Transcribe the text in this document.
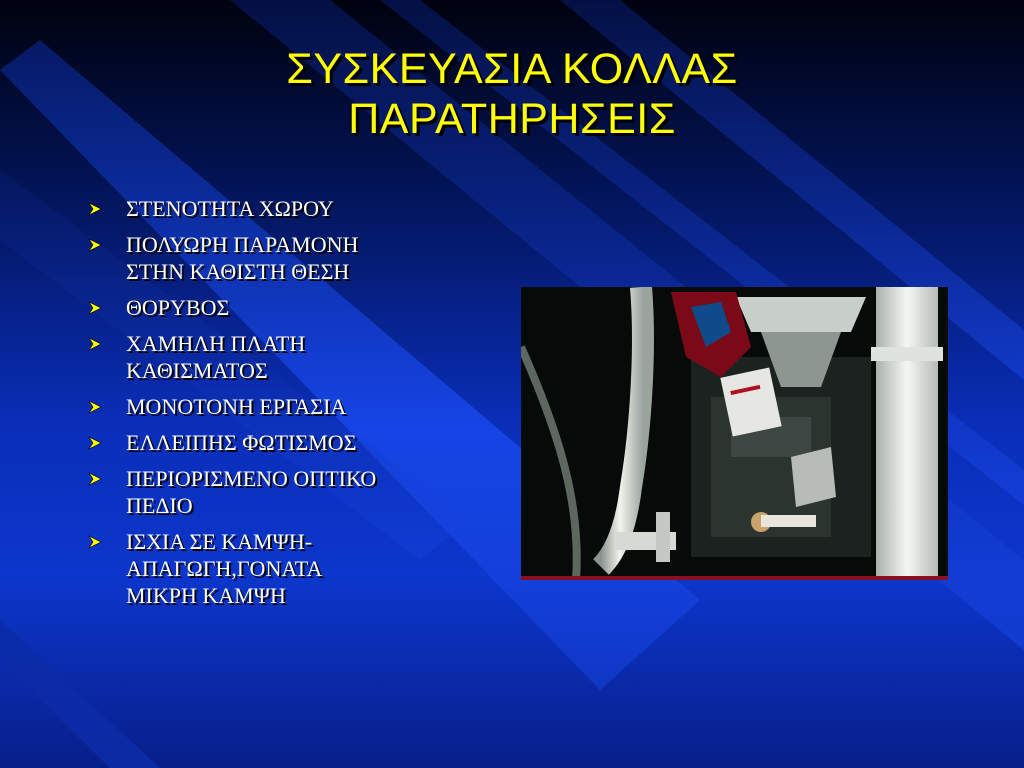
ΣΥΣΚΕΥΑΣΙΑ ΚΟΛΛΑΣ
ΠΑΡΑΤΗΡΗΣΕΙΣ
ΣΤΕΝΟΤΗΤΑ ΧΩΡΟΥ
ΠΟΛΥΩΡΗ ΠΑΡΑΜΟΝΗ
ΣΤΗΝ ΚΑΘΙΣΤΗ ΘΕΣΗ
ΘΟΡΥΒΟΣ
ΧΑΜΗΛΗ ΠΛΑΤΗ
ΚΑΘΙΣΜΑΤΟΣ
ΜΟΝΟΤΟΝΗ ΕΡΓΑΣΙΑ
ΕΛΛΕΙΠΗΣ ΦΩΤΙΣΜΟΣ
ΠΕΡΙΟΡΙΣΜΕΝΟ ΟΠΤΙΚΟ
ΠΕΔΙΟ
ΙΣΧΙΑ ΣΕ ΚΑΜΨΗ-
ΑΠΑΓΩΓΗ,ΓΟΝΑΤΑ
ΜΙΚΡΗ ΚΑΜΨΗ
